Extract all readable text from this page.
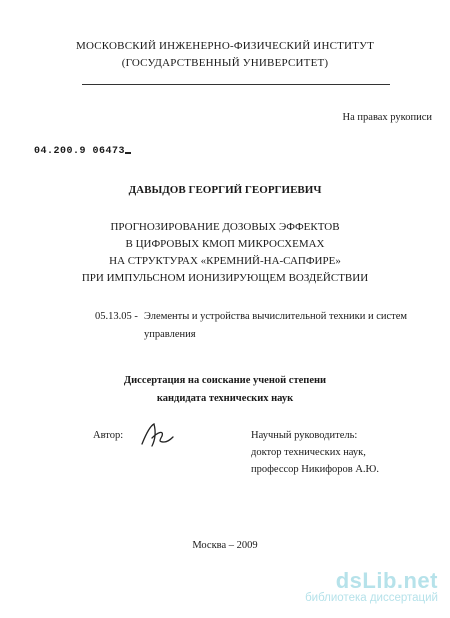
МОСКОВСКИЙ ИНЖЕНЕРНО-ФИЗИЧЕСКИЙ ИНСТИТУТ
(ГОСУДАРСТВЕННЫЙ УНИВЕРСИТЕТ)
На правах рукописи
04.200.9 06473
ДАВЫДОВ ГЕОРГИЙ ГЕОРГИЕВИЧ
ПРОГНОЗИРОВАНИЕ ДОЗОВЫХ ЭФФЕКТОВ
В ЦИФРОВЫХ КМОП МИКРОСХЕМАХ
НА СТРУКТУРАХ «КРЕМНИЙ-НА-САПФИРЕ»
ПРИ ИМПУЛЬСНОМ ИОНИЗИРУЮЩЕМ ВОЗДЕЙСТВИИ
05.13.05 - Элементы и устройства вычислительной техники и систем
управления
Диссертация на соискание ученой степени
кандидата технических наук
Автор:	Научный руководитель:
доктор технических наук,
профессор Никифоров А.Ю.
Москва – 2009
dsLib.net
библиотека диссертаций
